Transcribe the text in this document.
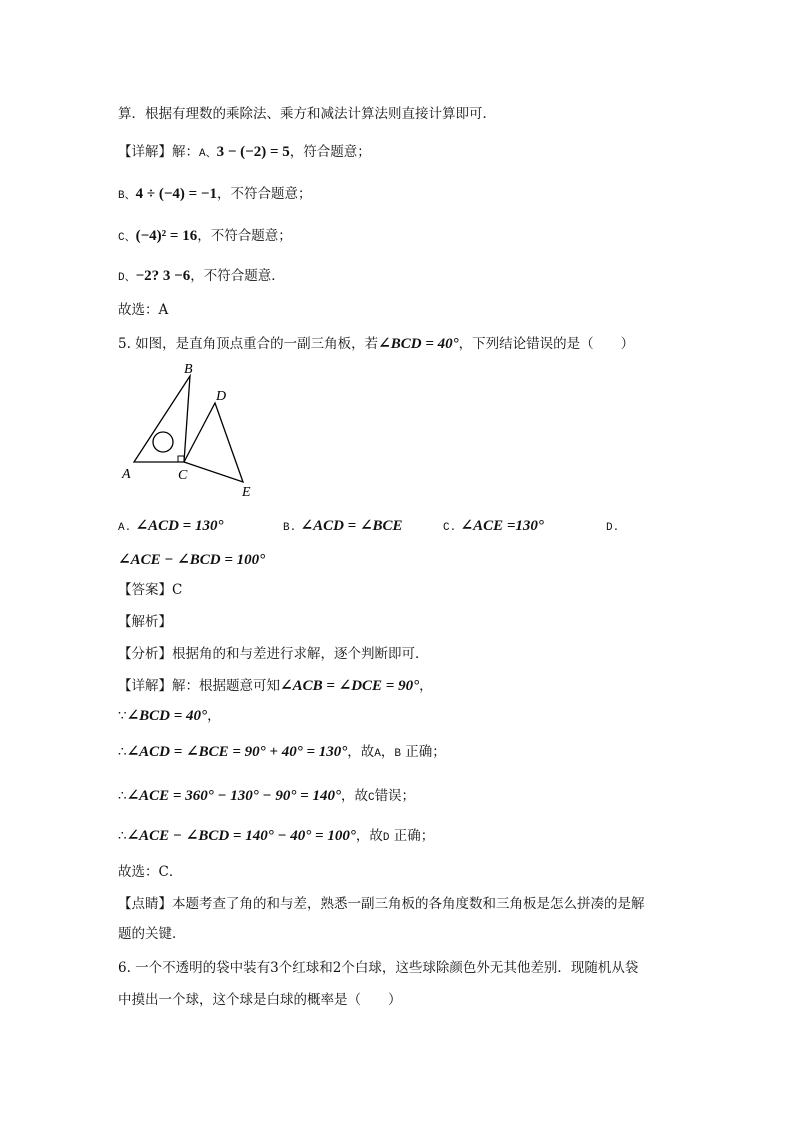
算．根据有理数的乘除法、乘方和减法计算法则直接计算即可．
【详解】解：A、3 − (−2) = 5，符合题意；
B、4 ÷ (−4) = −1，不符合题意；
C、(−4)² = 16，不符合题意；
D、−2? 3 −6，不符合题意．
故选：A
5. 如图，是直角顶点重合的一副三角板，若∠BCD = 40°，下列结论错误的是（　　）
B
D
A	C
E
A. ∠ACD = 130°	B. ∠ACD = ∠BCE	C. ∠ACE =130°	D.
∠ACE − ∠BCD = 100°
【答案】C
【解析】
【分析】根据角的和与差进行求解，逐个判断即可．
【详解】解：根据题意可知∠ACB = ∠DCE = 90°，
∵∠BCD = 40°，
∴∠ACD = ∠BCE = 90° + 40° = 130°，故A，B 正确；
∴∠ACE = 360° − 130° − 90° = 140°，故C错误；
∴∠ACE − ∠BCD = 140° − 40° = 100°，故D 正确；
故选：C．
【点睛】本题考查了角的和与差，熟悉一副三角板的各角度数和三角板是怎么拼凑的是解
题的关键．
6. 一个不透明的袋中装有3个红球和2个白球，这些球除颜色外无其他差别．现随机从袋
中摸出一个球，这个球是白球的概率是（　　）
